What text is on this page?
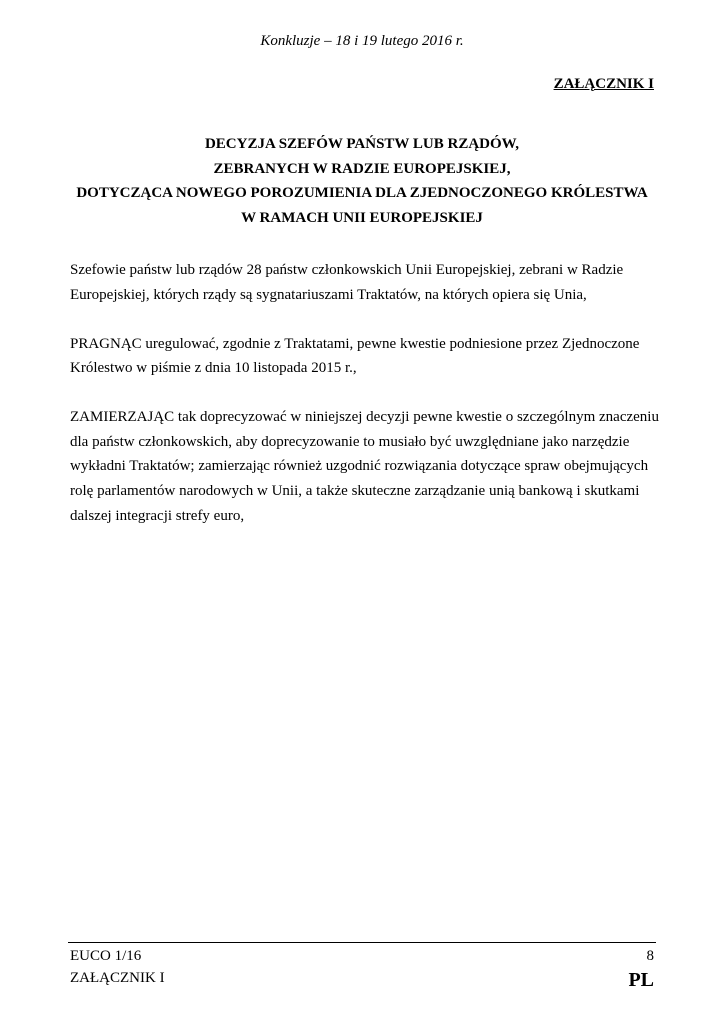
Konkluzje – 18 i 19 lutego 2016 r.
ZAŁĄCZNIK I
DECYZJA SZEFÓW PAŃSTW LUB RZĄDÓW,
ZEBRANYCH W RADZIE EUROPEJSKIEJ,
DOTYCZĄCA NOWEGO POROZUMIENIA DLA ZJEDNOCZONEGO KRÓLESTWA
W RAMACH UNII EUROPEJSKIEJ

Szefowie państw lub rządów 28 państw członkowskich Unii Europejskiej, zebrani w Radzie
Europejskiej, których rządy są sygnatariuszami Traktatów, na których opiera się Unia,

PRAGNĄC uregulować, zgodnie z Traktatami, pewne kwestie podniesione przez Zjednoczone
Królestwo w piśmie z dnia 10 listopada 2015 r.,

ZAMIERZAJĄC tak doprecyzować w niniejszej decyzji pewne kwestie o szczególnym znaczeniu
dla państw członkowskich, aby doprecyzowanie to musiało być uwzględniane jako narzędzie
wykładni Traktatów; zamierzając również uzgodnić rozwiązania dotyczące spraw obejmujących
rolę parlamentów narodowych w Unii, a także skuteczne zarządzanie unią bankową i skutkami
dalszej integracji strefy euro,

EUCO 1/16
ZAŁĄCZNIK I
8
PL
